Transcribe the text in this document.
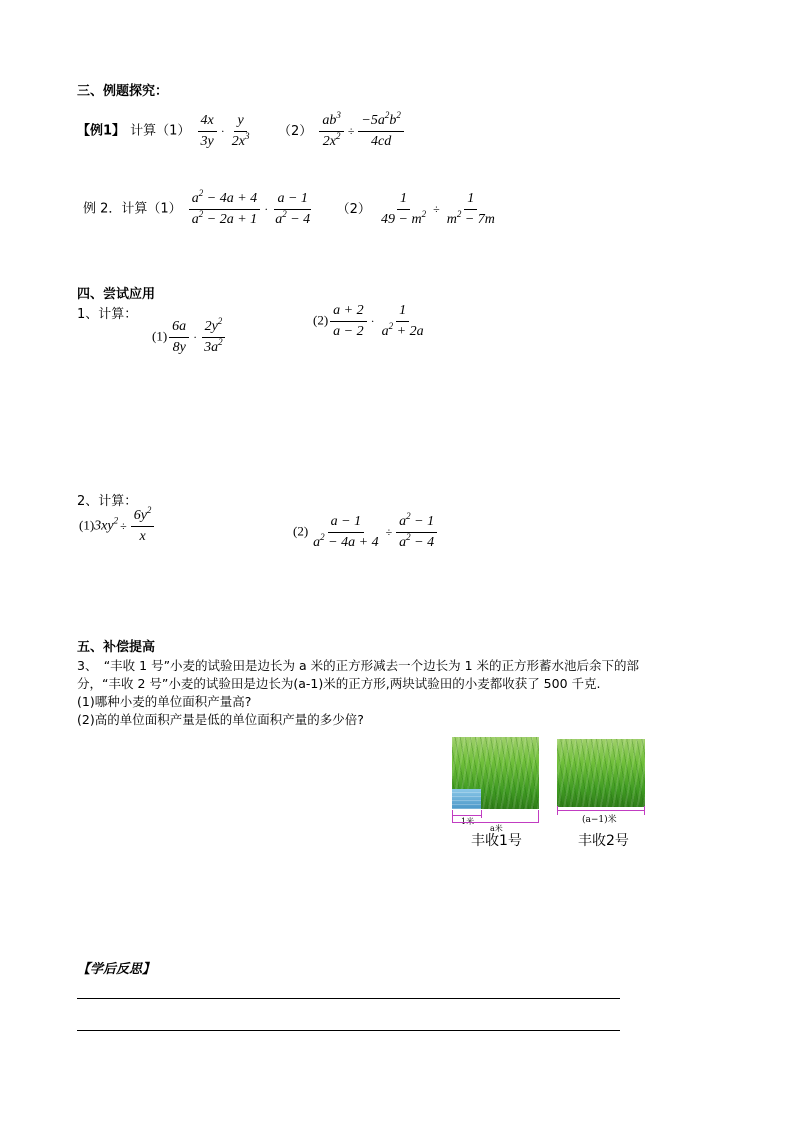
三、例题探究：
【例1】 计算$(1) \frac{4x}{3y} \cdot \frac{y}{2x^3} (2) \frac{ab^3}{2x^2} \div \frac{-5a^2b^2}{4cd}$
例 2．计算$(1) \frac{a^2 - 4a + 4}{a^2 - 2a + 1} \cdot \frac{a - 1}{a^2 - 4} (2) \frac{1}{49 - m^2} \div \frac{1}{m^2 - 7m}$
四、尝试应用
1、计算：
$(1) \frac{6a}{8y} \cdot \frac{2y^2}{3a^2}$	$(2) \frac{a + 2}{a - 2} \cdot \frac{1}{a^2 + 2a}$
2、计算：
$(1)3xy^2 \div \frac{6y^2}{x}$	$(2) \frac{a - 1}{a^2 - 4a + 4} \div \frac{a^2 - 1}{a^2 - 4}$
五、补偿提高
3、　“丰收 1 号”小麦的试验田是边长为 a 米的正方形减去一个边长为 1 米的正方形蓄水池后余下的部
分，“丰收 2 号”小麦的试验田是边长为(a-1)米的正方形,两块试验田的小麦都收获了 500 千克.
(1)哪种小麦的单位面积产量高?
(2)高的单位面积产量是低的单位面积产量的多少倍?
a米
丰收1号
(a−1)米
丰收2号
【学后反思】
